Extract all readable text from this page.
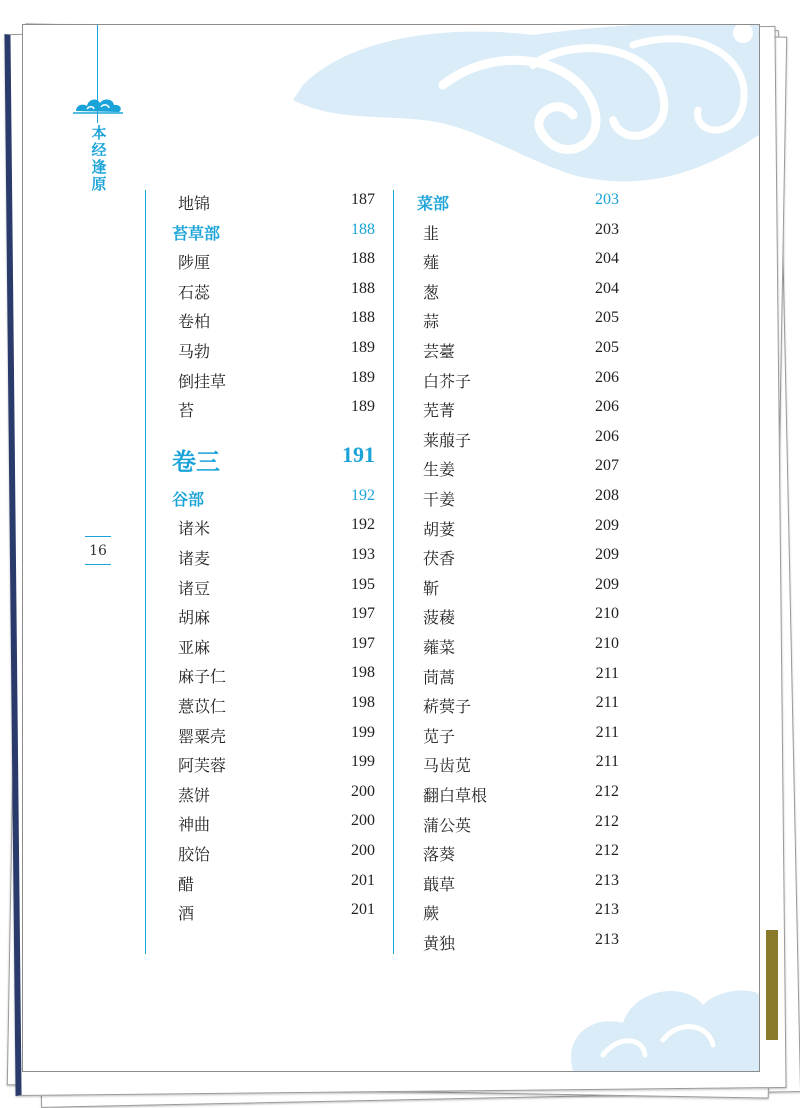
本
经
逢
原
16
地锦	187
苔草部	188
陟厘	188
石蕊	188
卷柏	188
马勃	189
倒挂草	189
苔	189
卷三	191
谷部	192
诸米	192
诸麦	193
诸豆	195
胡麻	197
亚麻	197
麻子仁	198
薏苡仁	198
罂粟壳	199
阿芙蓉	199
蒸饼	200
神曲	200
胶饴	200
醋	201
酒	201
菜部	203
韭	203
薤	204
葱	204
蒜	205
芸薹	205
白芥子	206
芜菁	206
莱菔子	206
生姜	207
干姜	208
胡荽	209
茯香	209
靳	209
菠薐	210
蕹菜	210
茼蒿	211
菥蓂子	211
苋子	211
马齿苋	211
翻白草根	212
蒲公英	212
落葵	212
蕺草	213
蕨	213
黄独	213
